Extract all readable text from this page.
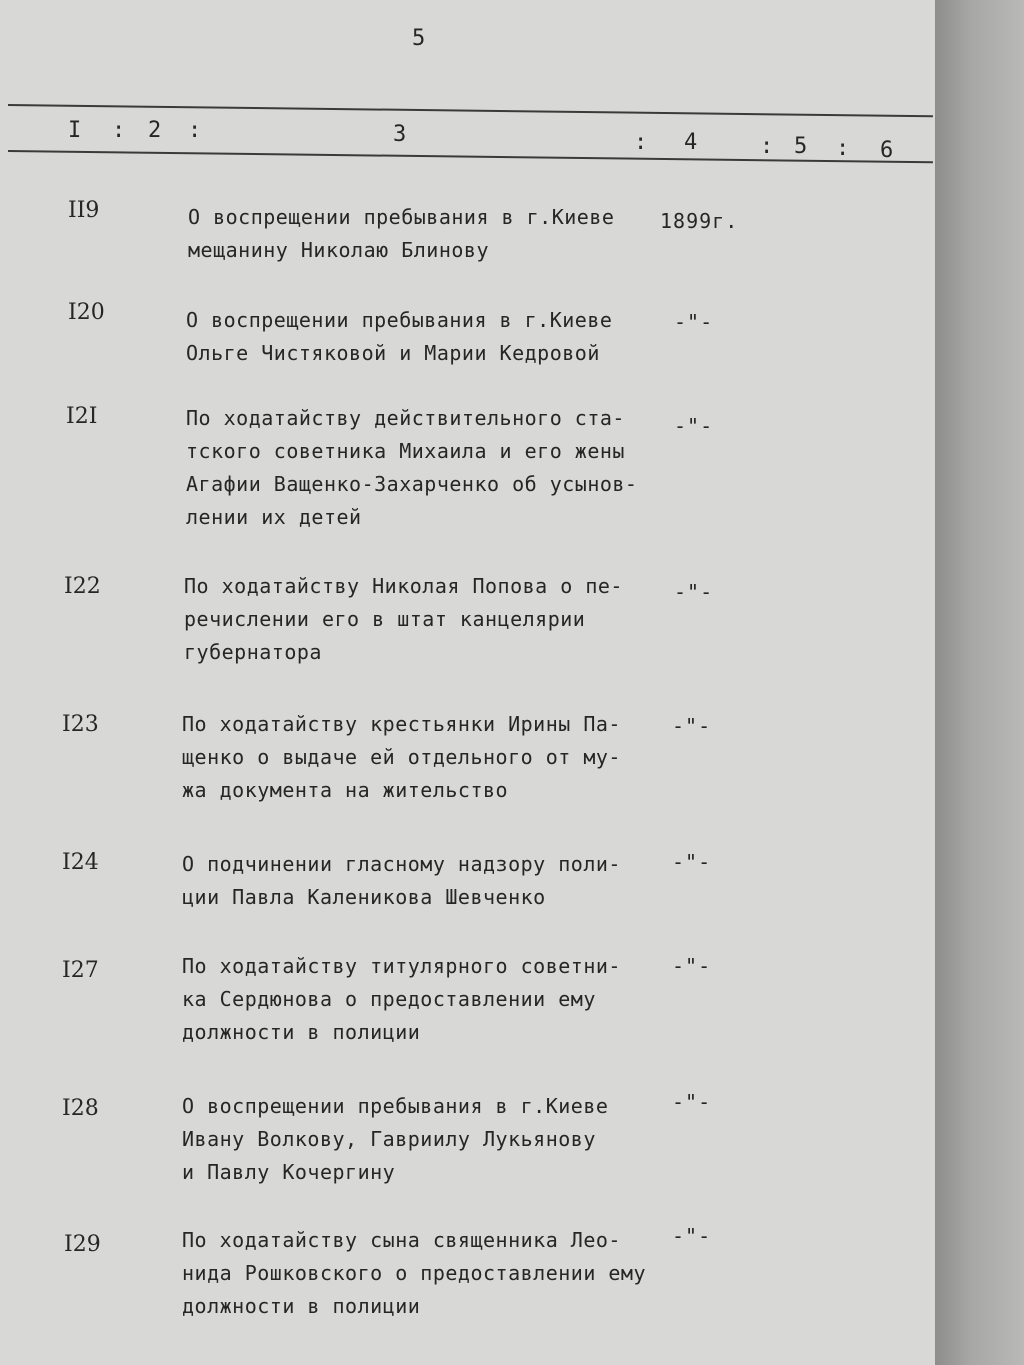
5
I : 2 :	3	: 4	: 5 : 6
II9	О воспрещении пребывания в г.Киеве
мещанину Николаю Блинову
1899г.
I20	О воспрещении пребывания в г.Киеве
Ольге Чистяковой и Марии Кедровой
-"-
I2I	По ходатайству действительного ста-
тского советника Михаила и его жены
Агафии Ващенко-Захарченко об усынов-
лении их детей
-"-
I22	По ходатайству Николая Попова о пе-
речислении его в штат канцелярии
губернатора
-"-
I23	По ходатайству крестьянки Ирины Па-
щенко о выдаче ей отдельного от му-
жа документа на жительство
-"-
I24	О подчинении гласному надзору поли-
ции Павла Каленикова Шевченко
-"-
I27	По ходатайству титулярного советни-
ка Сердюнова о предоставлении ему
должности в полиции
-"-
I28	О воспрещении пребывания в г.Киеве
Ивану Волкову, Гавриилу Лукьянову
и Павлу Кочергину
-"-
I29	По ходатайству сына священника Лео-
нида Рошковского о предоставлении ему
должности в полиции
-"-
